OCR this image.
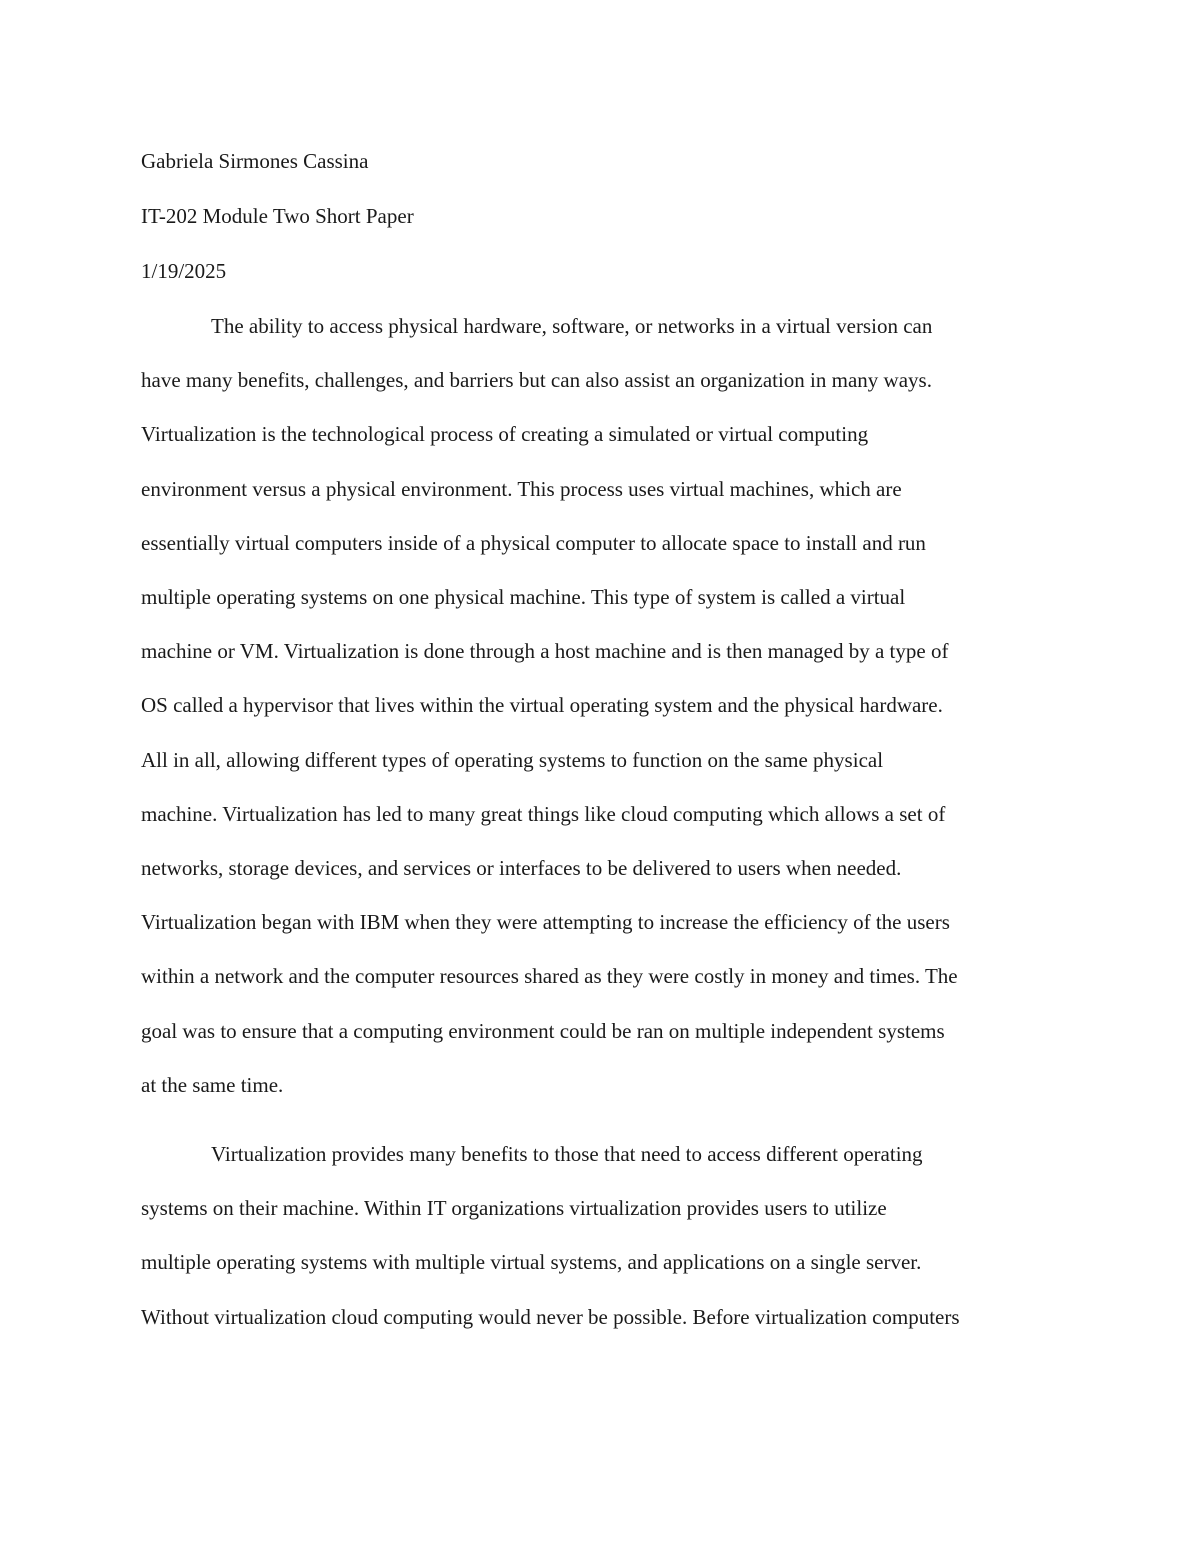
Gabriela Sirmones Cassina
IT-202 Module Two Short Paper
1/19/2025

The ability to access physical hardware, software, or networks in a virtual version can
have many benefits, challenges, and barriers but can also assist an organization in many ways.
Virtualization is the technological process of creating a simulated or virtual computing
environment versus a physical environment. This process uses virtual machines, which are
essentially virtual computers inside of a physical computer to allocate space to install and run
multiple operating systems on one physical machine. This type of system is called a virtual
machine or VM. Virtualization is done through a host machine and is then managed by a type of
OS called a hypervisor that lives within the virtual operating system and the physical hardware.
All in all, allowing different types of operating systems to function on the same physical
machine. Virtualization has led to many great things like cloud computing which allows a set of
networks, storage devices, and services or interfaces to be delivered to users when needed.
Virtualization began with IBM when they were attempting to increase the efficiency of the users
within a network and the computer resources shared as they were costly in money and times. The
goal was to ensure that a computing environment could be ran on multiple independent systems
at the same time.

Virtualization provides many benefits to those that need to access different operating
systems on their machine. Within IT organizations virtualization provides users to utilize
multiple operating systems with multiple virtual systems, and applications on a single server.
Without virtualization cloud computing would never be possible. Before virtualization computers
